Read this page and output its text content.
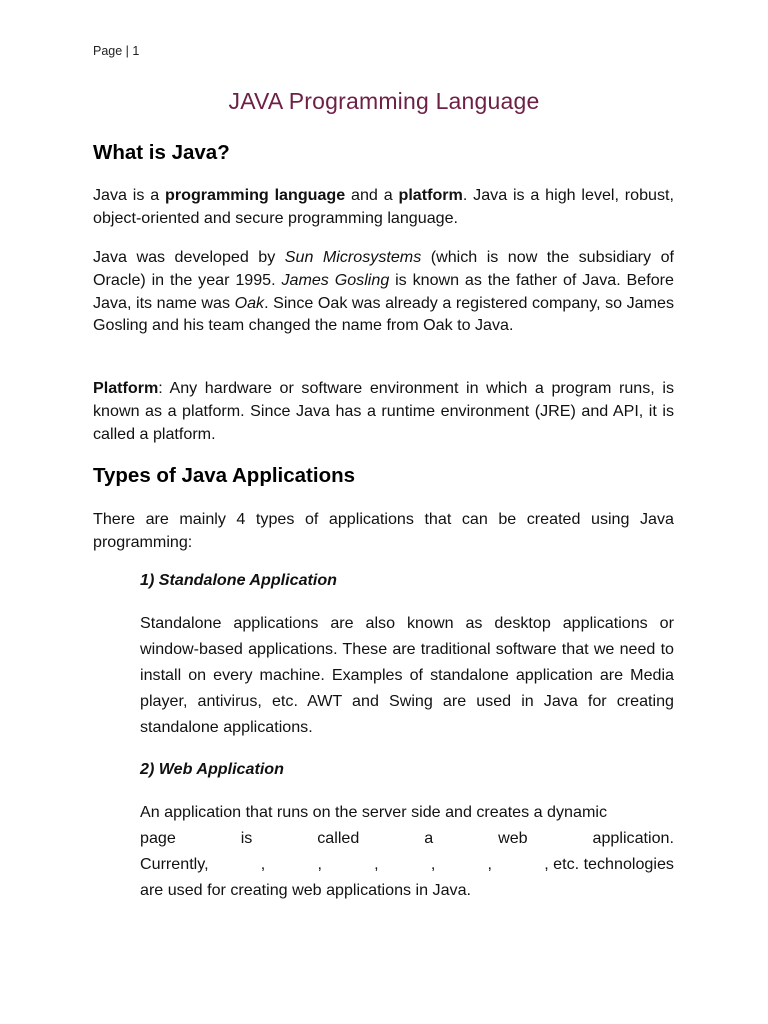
Page | 1
JAVA Programming Language
What is Java?

Java is a programming language and a platform. Java is a high level, robust, object-oriented and secure programming language.

Java was developed by Sun Microsystems (which is now the subsidiary of Oracle) in the year 1995. James Gosling is known as the father of Java. Before Java, its name was Oak. Since Oak was already a registered company, so James Gosling and his team changed the name from Oak to Java.

Platform: Any hardware or software environment in which a program runs, is known as a platform. Since Java has a runtime environment (JRE) and API, it is called a platform.

Types of Java Applications

There are mainly 4 types of applications that can be created using Java programming:

1) Standalone Application

Standalone applications are also known as desktop applications or window-based applications. These are traditional software that we need to install on every machine. Examples of standalone application are Media player, antivirus, etc. AWT and Swing are used in Java for creating standalone applications.

2) Web Application
An application that runs on the server side and creates a dynamic
page	is	called	a	web	application.
Currently,	,	,	,	,	,	, etc. technologies
are used for creating web applications in Java.
